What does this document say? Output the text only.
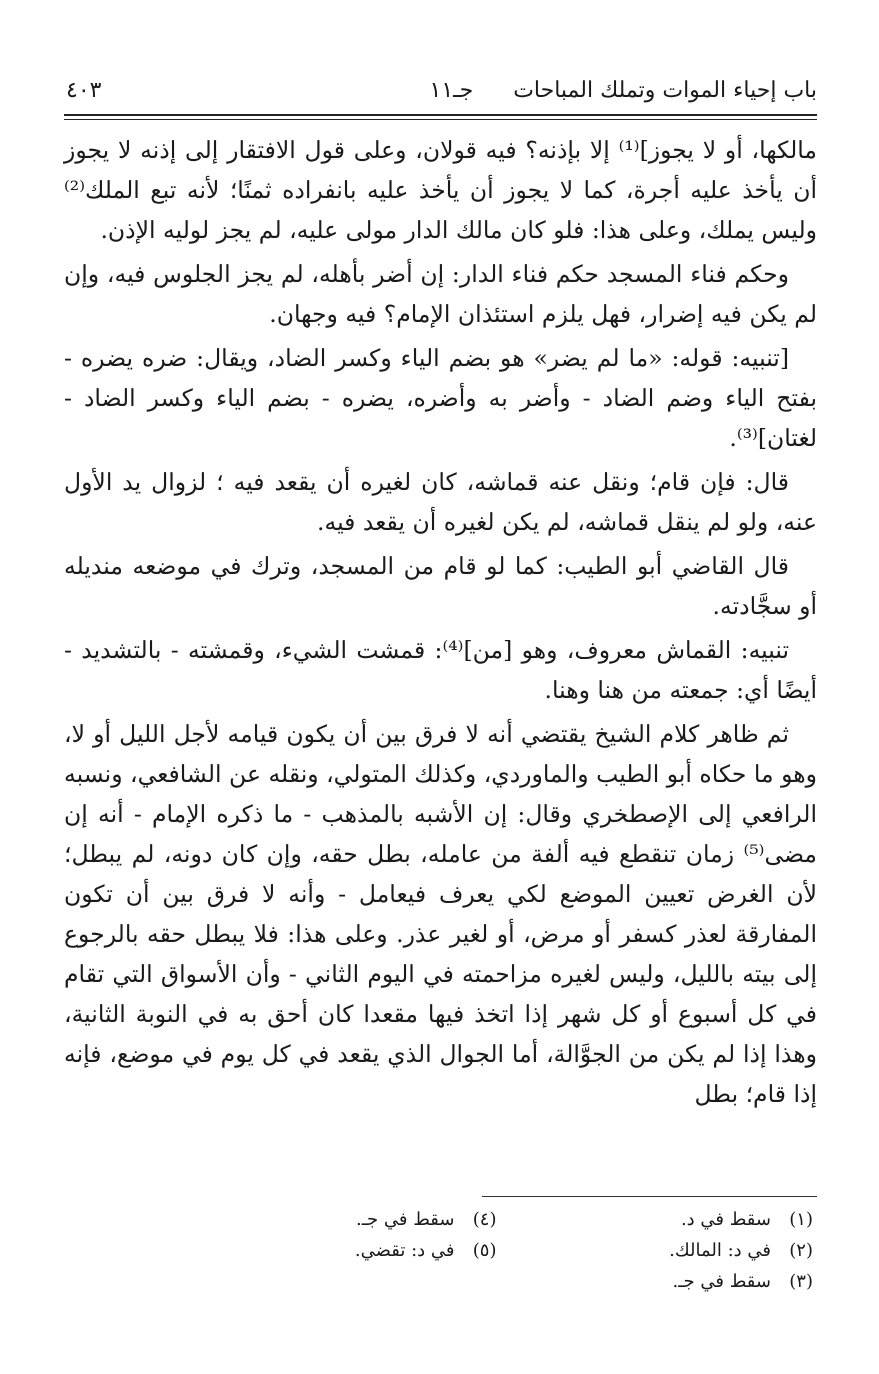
باب إحياء الموات وتملك المباحات
جـ١١
٤٠٣

مالكها، أو لا يجوز]⁽¹⁾ إلا بإذنه؟ فيه قولان، وعلى قول الافتقار إلى إذنه لا يجوز أن يأخذ عليه أجرة، كما لا يجوز أن يأخذ عليه بانفراده ثمنًا؛ لأنه تبع الملك⁽²⁾ وليس يملك، وعلى هذا: فلو كان مالك الدار مولى عليه، لم يجز لوليه الإذن.

وحكم فناء المسجد حكم فناء الدار: إن أضر بأهله، لم يجز الجلوس فيه، وإن لم يكن فيه إضرار، فهل يلزم استئذان الإمام؟ فيه وجهان.

[تنبيه: قوله: «ما لم يضر» هو بضم الياء وكسر الضاد، ويقال: ضره يضره - بفتح الياء وضم الضاد - وأضر به وأضره، يضره - بضم الياء وكسر الضاد - لغتان]⁽³⁾.

قال: فإن قام؛ ونقل عنه قماشه، كان لغيره أن يقعد فيه ؛ لزوال يد الأول عنه، ولو لم ينقل قماشه، لم يكن لغيره أن يقعد فيه.

قال القاضي أبو الطيب: كما لو قام من المسجد، وترك في موضعه منديله أو سجَّادته.

تنبيه: القماش معروف، وهو [من]⁽⁴⁾: قمشت الشيء، وقمشته - بالتشديد - أيضًا أي: جمعته من هنا وهنا.

ثم ظاهر كلام الشيخ يقتضي أنه لا فرق بين أن يكون قيامه لأجل الليل أو لا، وهو ما حكاه أبو الطيب والماوردي، وكذلك المتولي، ونقله عن الشافعي، ونسبه الرافعي إلى الإصطخري وقال: إن الأشبه بالمذهب - ما ذكره الإمام - أنه إن مضى⁽⁵⁾ زمان تنقطع فيه ألفة من عامله، بطل حقه، وإن كان دونه، لم يبطل؛ لأن الغرض تعيين الموضع لكي يعرف فيعامل - وأنه لا فرق بين أن تكون المفارقة لعذر كسفر أو مرض، أو لغير عذر. وعلى هذا: فلا يبطل حقه بالرجوع إلى بيته بالليل، وليس لغيره مزاحمته في اليوم الثاني - وأن الأسواق التي تقام في كل أسبوع أو كل شهر إذا اتخذ فيها مقعدا كان أحق به في النوبة الثانية، وهذا إذا لم يكن من الجوَّالة، أما الجوال الذي يقعد في كل يوم في موضع، فإنه إذا قام؛ بطل

(١)سقط في د.
(٢)في د: المالك.
(٣)سقط في جـ.
(٤)سقط في جـ.
(٥)في د: تقضي.
